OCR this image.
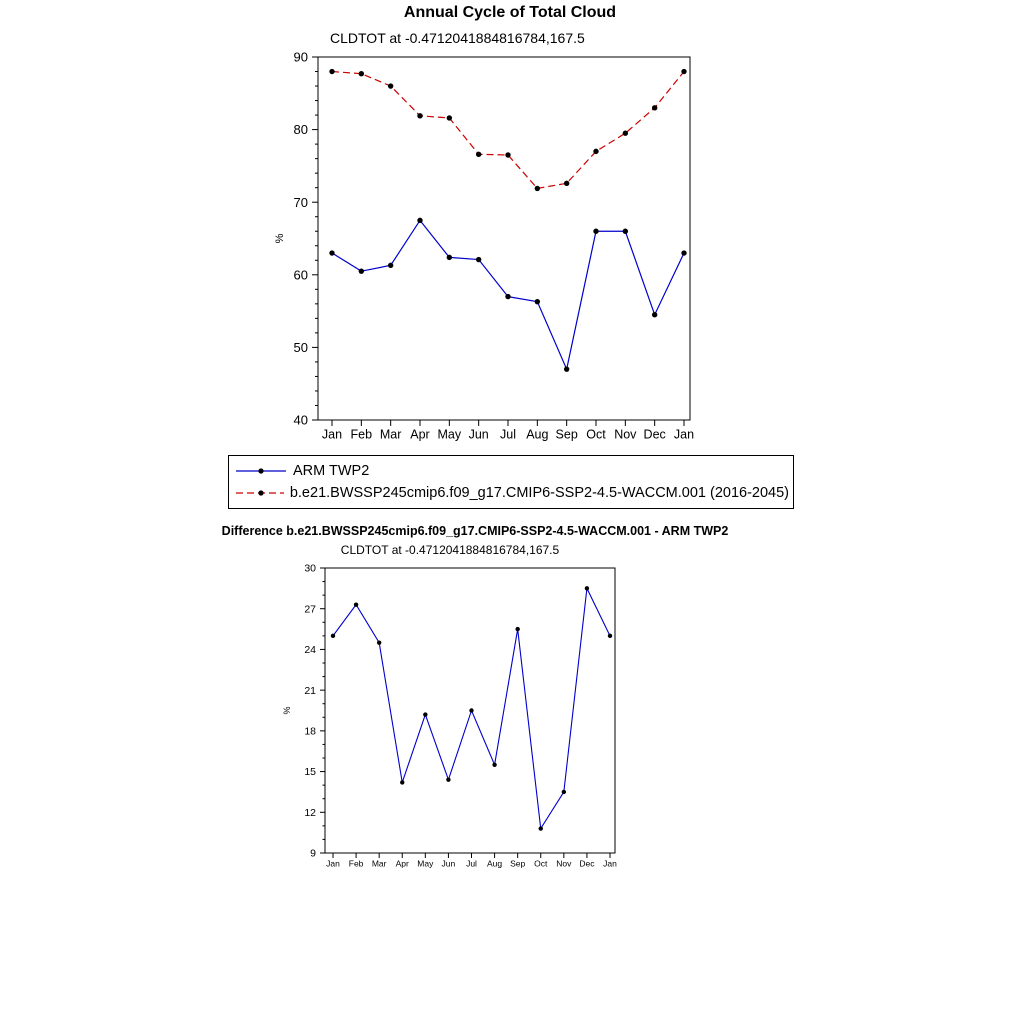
Annual Cycle of Total Cloud
CLDTOT at -0.4712041884816784,167.5
40
50
60
70
80
90
Jan Feb Mar Apr May Jun Jul Aug Sep Oct Nov Dec Jan
%
ARM TWP2
b.e21.BWSSP245cmip6.f09_g17.CMIP6-SSP2-4.5-WACCM.001 (2016-2045)
Difference b.e21.BWSSP245cmip6.f09_g17.CMIP6-SSP2-4.5-WACCM.001 - ARM TWP2
CLDTOT at -0.4712041884816784,167.5
9
12
15
18
21
24
27
30
Jan Feb Mar Apr May Jun Jul Aug Sep Oct Nov Dec Jan
%
